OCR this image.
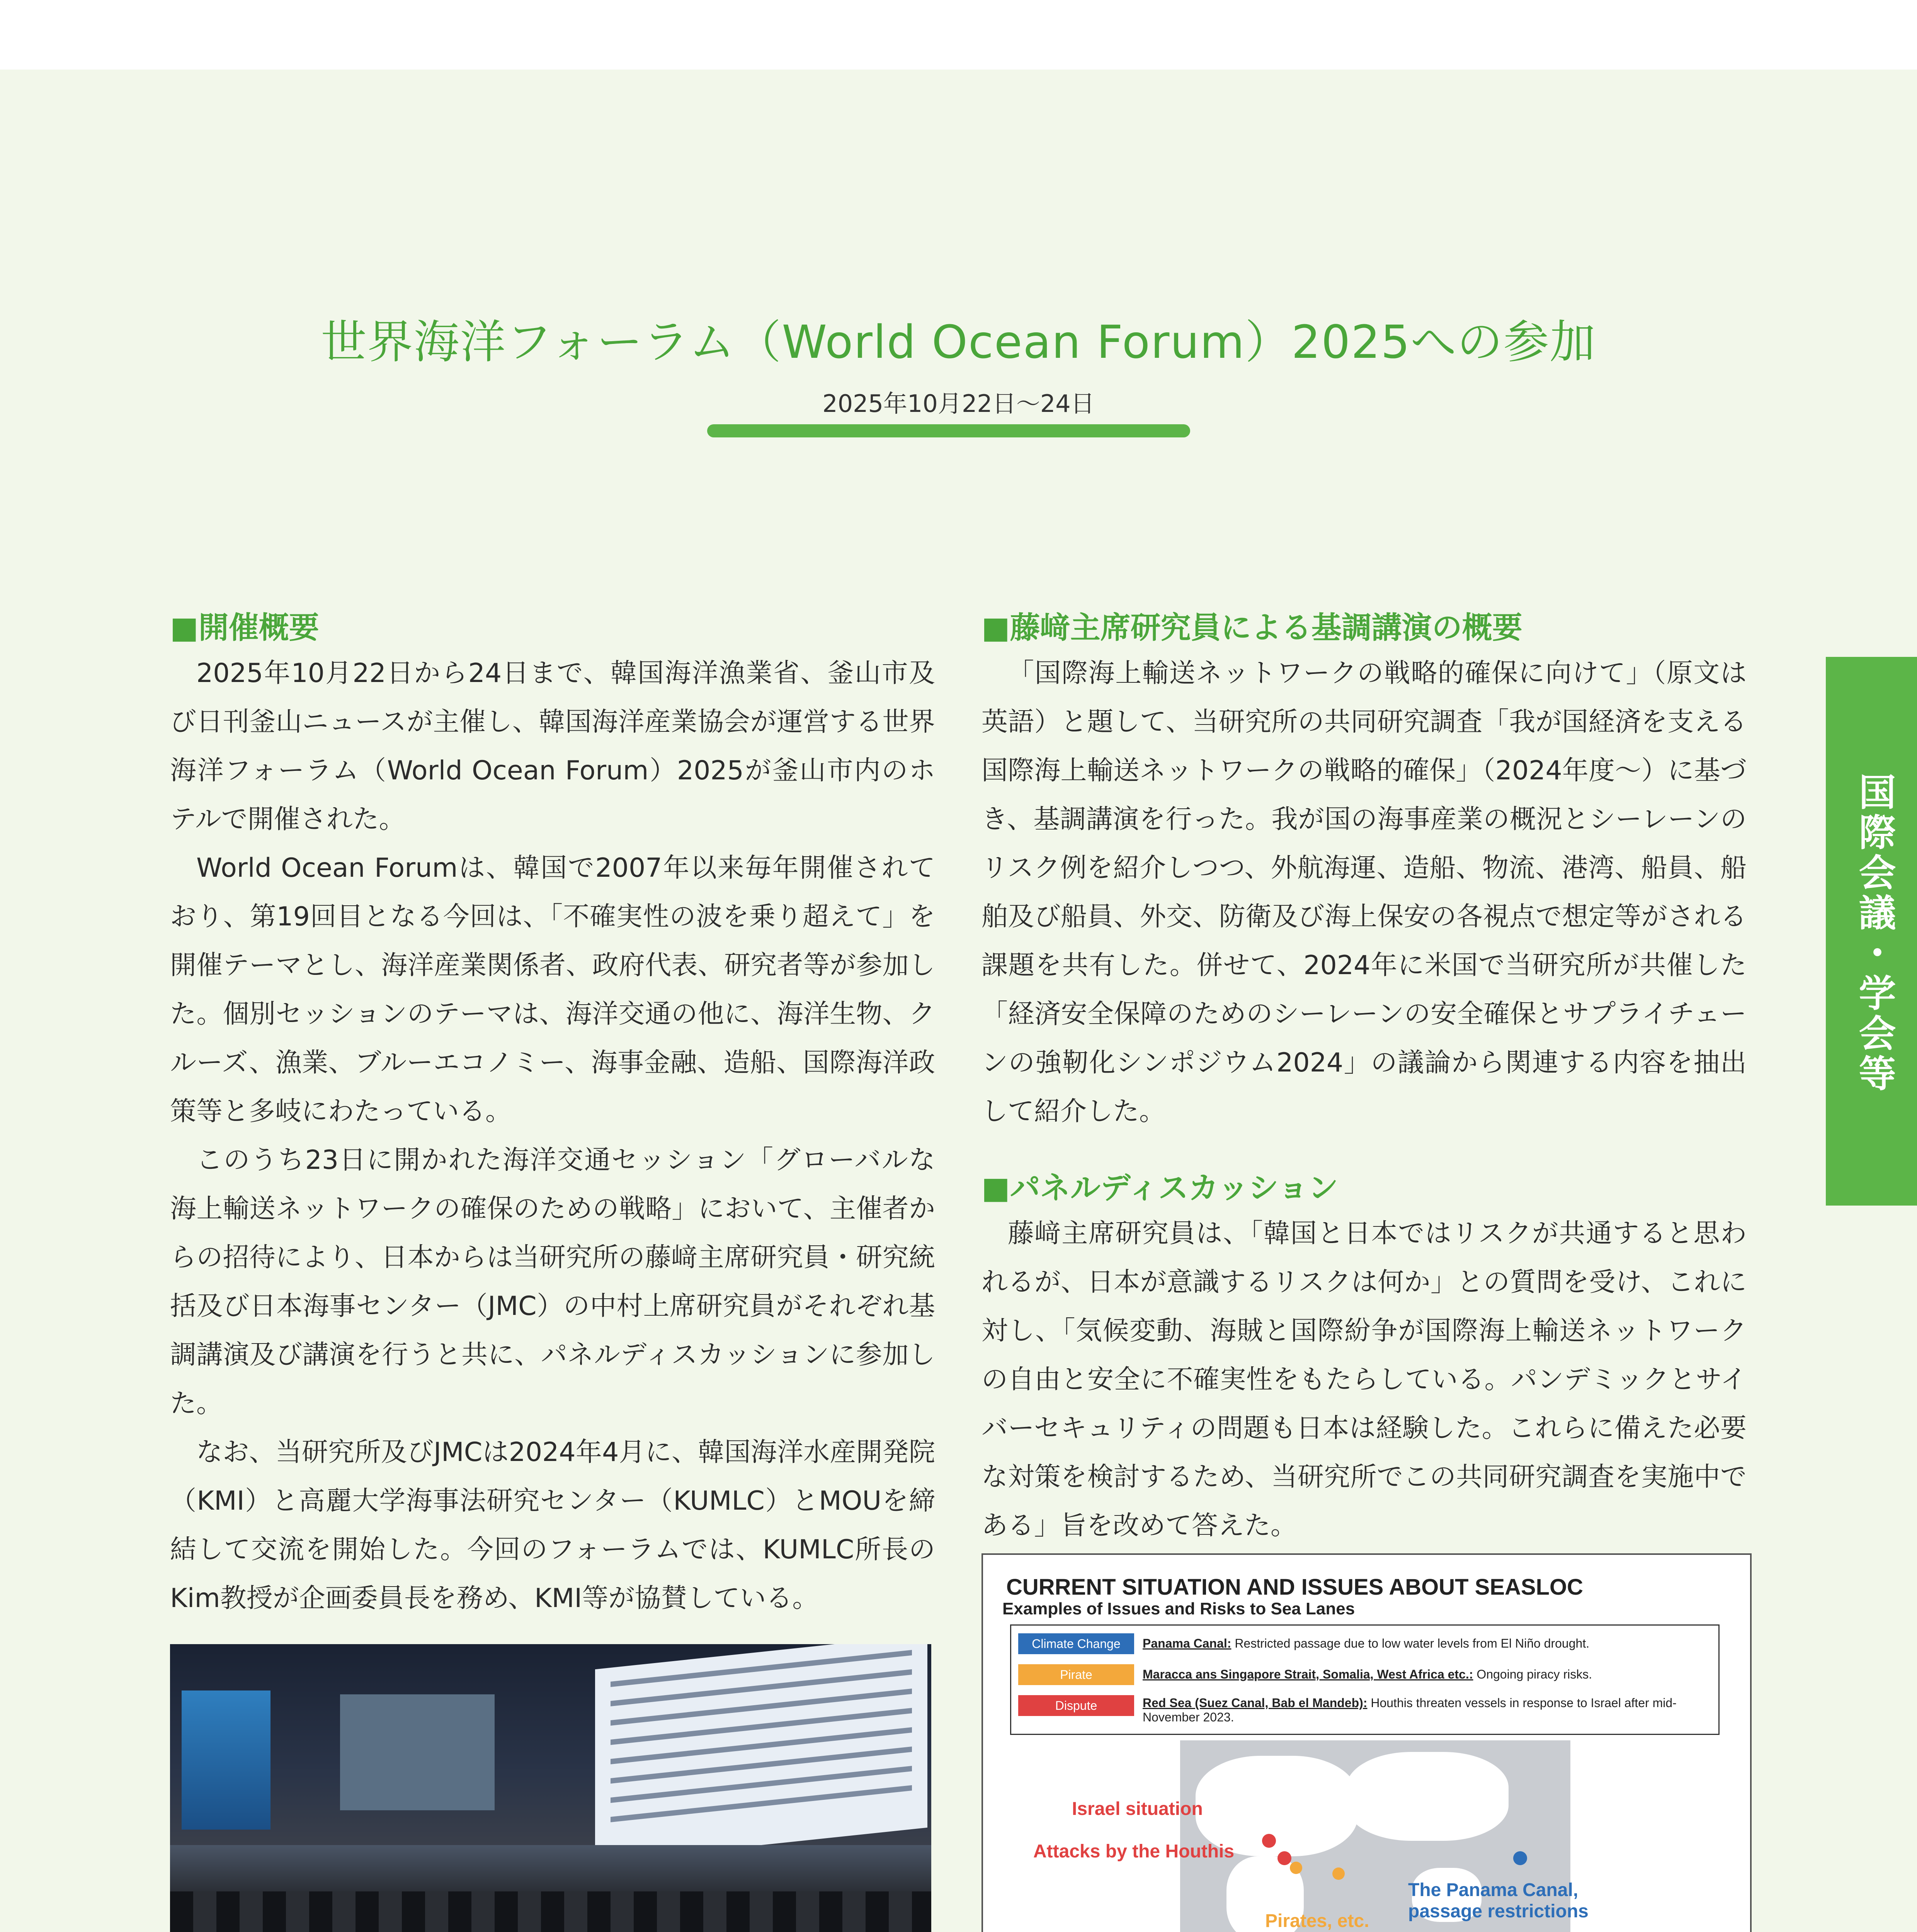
世界海洋フォーラム（World Ocean Forum）2025への参加
2025年10月22日〜24日
国際会議・学会等

■開催概要

2025年10月22日から24日まで、韓国海洋漁業省、釜山市及び日刊釜山ニュースが主催し、韓国海洋産業協会が運営する世界海洋フォーラム（World Ocean Forum）2025が釜山市内のホテルで開催された。

World Ocean Forumは、韓国で2007年以来毎年開催されており、第19回目となる今回は、「不確実性の波を乗り超えて」を開催テーマとし、海洋産業関係者、政府代表、研究者等が参加した。個別セッションのテーマは、海洋交通の他に、海洋生物、クルーズ、漁業、ブルーエコノミー、海事金融、造船、国際海洋政策等と多岐にわたっている。

このうち23日に開かれた海洋交通セッション「グローバルな海上輸送ネットワークの確保のための戦略」において、主催者からの招待により、日本からは当研究所の藤﨑主席研究員・研究統括及び日本海事センター（JMC）の中村上席研究員がそれぞれ基調講演及び講演を行うと共に、パネルディスカッションに参加した。

なお、当研究所及びJMCは2024年4月に、韓国海洋水産開発院（KMI）と高麗大学海事法研究センター（KUMLC）とMOUを締結して交流を開始した。今回のフォーラムでは、KUMLC所長のKim教授が企画委員長を務め、KMI等が協賛している。

■藤﨑主席研究員による基調講演の概要

「国際海上輸送ネットワークの戦略的確保に向けて」（原文は英語）と題して、当研究所の共同研究調査「我が国経済を支える国際海上輸送ネットワークの戦略的確保」（2024年度〜）に基づき、基調講演を行った。我が国の海事産業の概況とシーレーンのリスク例を紹介しつつ、外航海運、造船、物流、港湾、船員、船舶及び船員、外交、防衛及び海上保安の各視点で想定等がされる課題を共有した。併せて、2024年に米国で当研究所が共催した「経済安全保障のためのシーレーンの安全確保とサプライチェーンの強靭化シンポジウム2024」の議論から関連する内容を抽出して紹介した。

■パネルディスカッション

藤﨑主席研究員は、「韓国と日本ではリスクが共通すると思われるが、日本が意識するリスクは何か」との質問を受け、これに対し、「気候変動、海賊と国際紛争が国際海上輸送ネットワークの自由と安全に不確実性をもたらしている。パンデミックとサイバーセキュリティの問題も日本は経験した。これらに備えた必要な対策を検討するため、当研究所でこの共同研究調査を実施中である」旨を改めて答えた。

CURRENT SITUATION AND ISSUES ABOUT SEASLOC
Examples of Issues and Risks to Sea Lanes
Climate Change	Panama Canal: Restricted passage due to low water levels from El Niño drought.
Pirate	Maracca ans Singapore Strait, Somalia, West Africa etc.: Ongoing piracy risks.
Dispute	Red Sea (Suez Canal, Bab el Mandeb): Houthis threaten vessels in response to Israel after mid-November 2023.
Israel situation
Attacks by the Houthis
Pirates, etc.
The Panama Canal, passage restrictions
